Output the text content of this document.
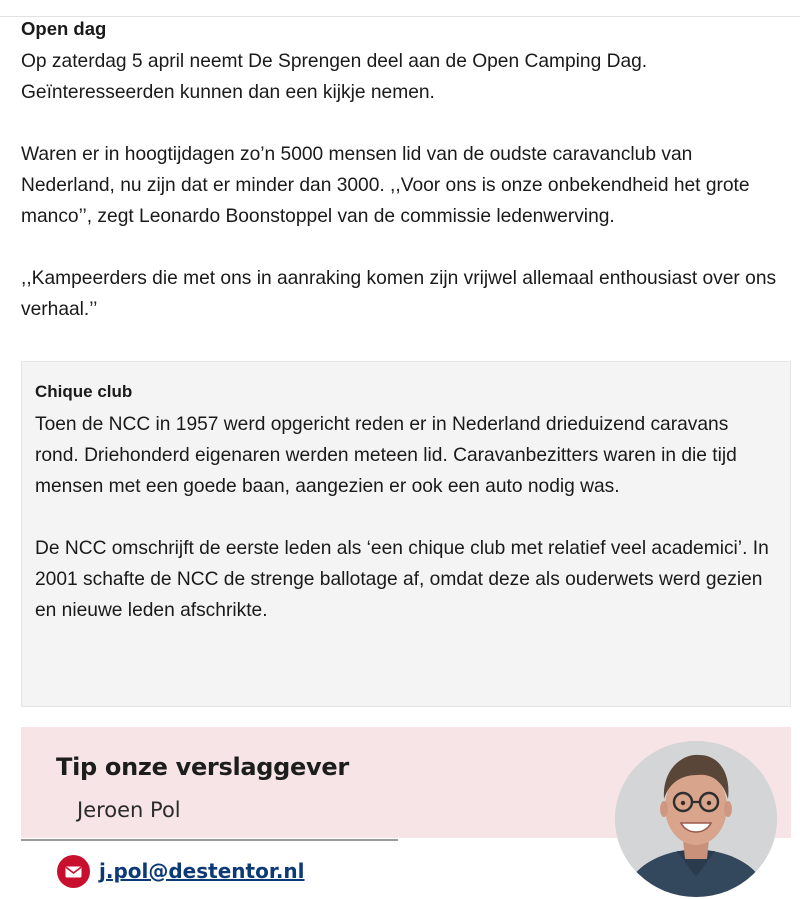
Open dag

Op zaterdag 5 april neemt De Sprengen deel aan de Open Camping Dag. Geïnteresseerden kunnen dan een kijkje nemen.

Waren er in hoogtijdagen zo’n 5000 mensen lid van de oudste caravanclub van Nederland, nu zijn dat er minder dan 3000. ,,Voor ons is onze onbekendheid het grote manco’’, zegt Leonardo Boonstoppel van de commissie ledenwerving.

,,Kampeerders die met ons in aanraking komen zijn vrijwel allemaal enthousiast over ons verhaal.’’

Chique club

Toen de NCC in 1957 werd opgericht reden er in Nederland drieduizend caravans rond. Driehonderd eigenaren werden meteen lid. Caravanbezitters waren in die tijd mensen met een goede baan, aangezien er ook een auto nodig was.

De NCC omschrijft de eerste leden als ‘een chique club met relatief veel academici’. In 2001 schafte de NCC de strenge ballotage af, omdat deze als ouderwets werd gezien en nieuwe leden afschrikte.

Tip onze verslaggever
Jeroen Pol
j.pol@destentor.nl
